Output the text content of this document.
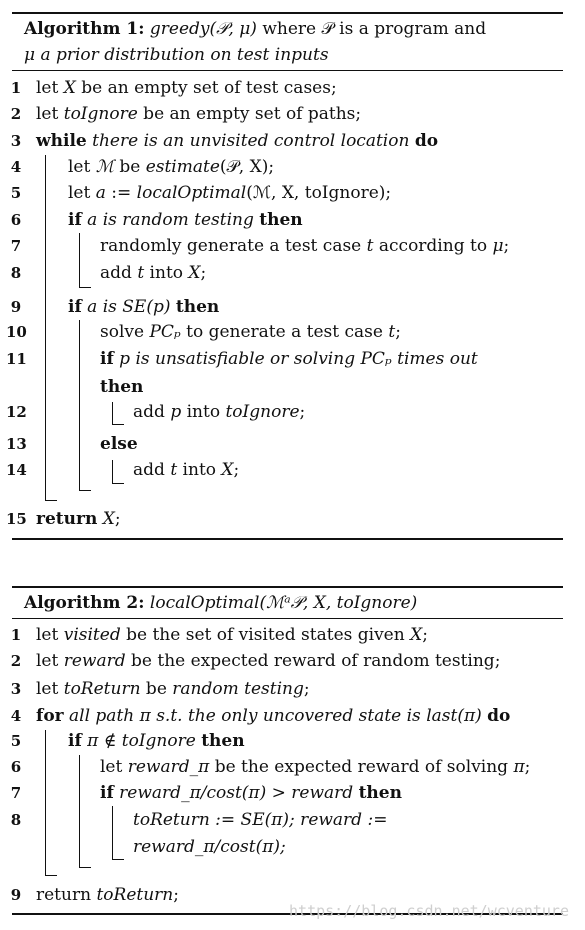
Algorithm 1: greedy(𝒫, μ) where 𝒫 is a program and
μ a prior distribution on test inputs
1 let X be an empty set of test cases;
2 let toIgnore be an empty set of paths;
3 while there is an unvisited control location do
4	let ℳ be estimate(𝒫, X);
5	let a := localOptimal(ℳ, X, toIgnore);
6	if a is random testing then
7	randomly generate a test case t according to μ;
8	add t into X;
9	if a is SE(p) then
10	solve PCₚ to generate a test case t;
11	if p is unsatisfiable or solving PCₚ times out
then
12	add p into toIgnore;
13	else
14	add t into X;
15 return X;
Algorithm 2: localOptimal(ℳᵃ𝒫, X, toIgnore)
1 let visited be the set of visited states given X;
2 let reward be the expected reward of random testing;
3 let toReturn be random testing;
4 for all path π s.t. the only uncovered state is last(π) do
5	if π ∉ toIgnore then
6	let reward_π be the expected reward of solving π;
7	if reward_π/cost(π) > reward then
8	toReturn := SE(π); reward :=
reward_π/cost(π);
9 return toReturn;
https://blog.csdn.net/wcventure
